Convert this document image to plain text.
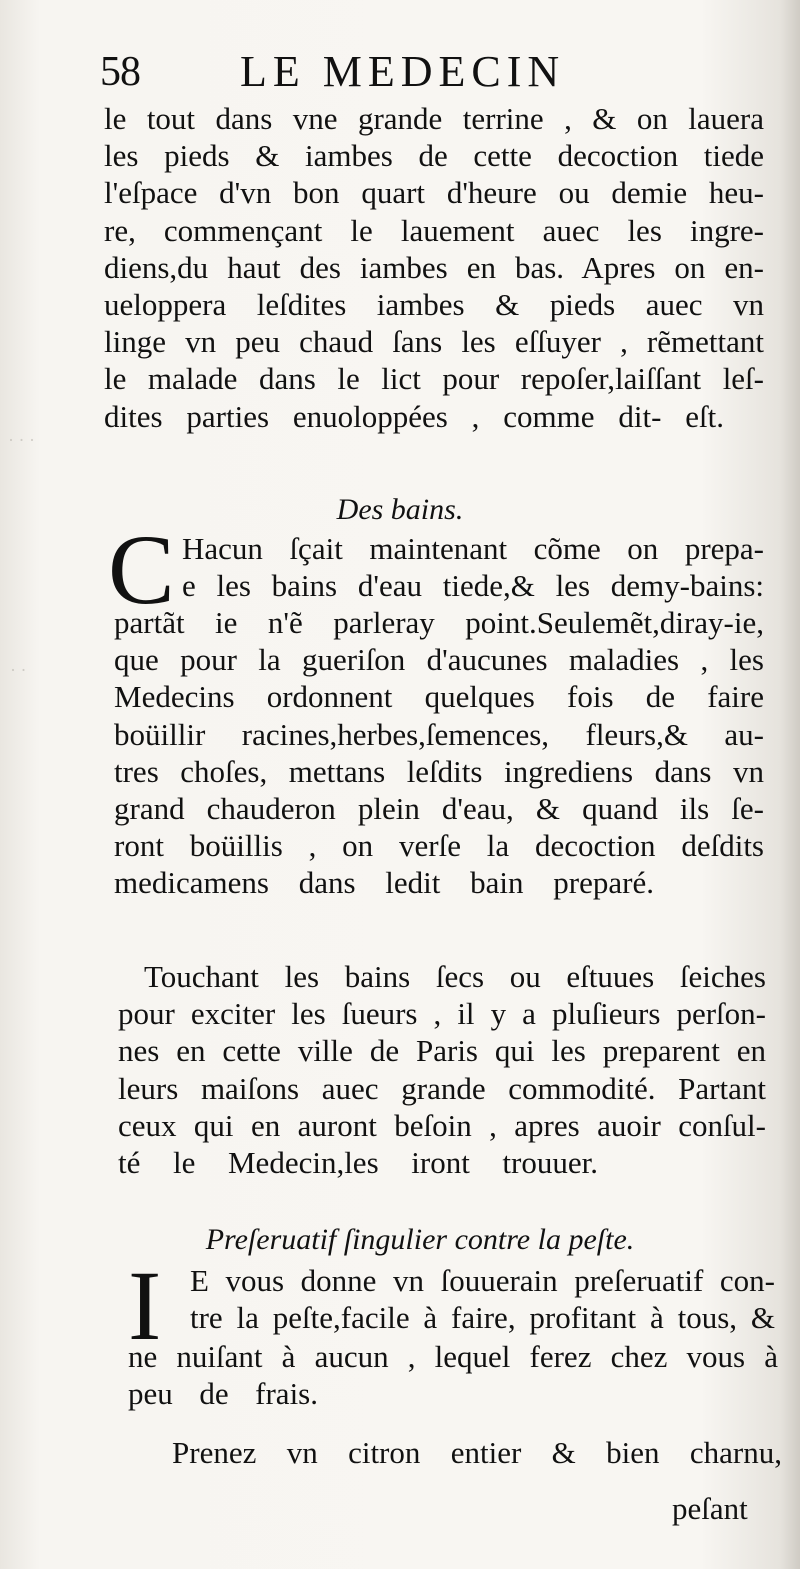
· · ·
· ·
58 LE MEDECIN
le tout dans vne grande terrine , & on lauera
les pieds & iambes de cette decoction tiede
l'eſpace d'vn bon quart d'heure ou demie heu-
re, commençant le lauement auec les ingre-
diens,du haut des iambes en bas. Apres on en-
ueloppera leſdites iambes & pieds auec vn
linge vn peu chaud ſans les eſſuyer , rẽmettant
le malade dans le lict pour repoſer,laiſſant leſ-
dites parties enuoloppées , comme dit- eſt.
Des bains.
C Hacun ſçait maintenant cõme on prepa-
e les bains d'eau tiede,& les demy-bains:
partãt ie n'ẽ parleray point.Seulemẽt,diray-ie,
que pour la gueriſon d'aucunes maladies , les
Medecins ordonnent quelques fois de faire
boüillir racines,herbes,ſemences, fleurs,& au-
tres choſes, mettans leſdits ingrediens dans vn
grand chauderon plein d'eau, & quand ils ſe-
ront boüillis , on verſe la decoction deſdits
medicamens dans ledit bain preparé.
Touchant les bains ſecs ou eſtuues ſeiches
pour exciter les ſueurs , il y a pluſieurs perſon-
nes en cette ville de Paris qui les preparent en
leurs maiſons auec grande commodité. Partant
ceux qui en auront beſoin , apres auoir conſul-
té le Medecin,les iront trouuer.
Preſeruatif ſingulier contre la peſte.
I E vous donne vn ſouuerain preſeruatif con-
tre la peſte,facile à faire, profitant à tous, &
ne nuiſant à aucun , lequel ferez chez vous à
peu de frais.
Prenez vn citron entier & bien charnu,
peſant
